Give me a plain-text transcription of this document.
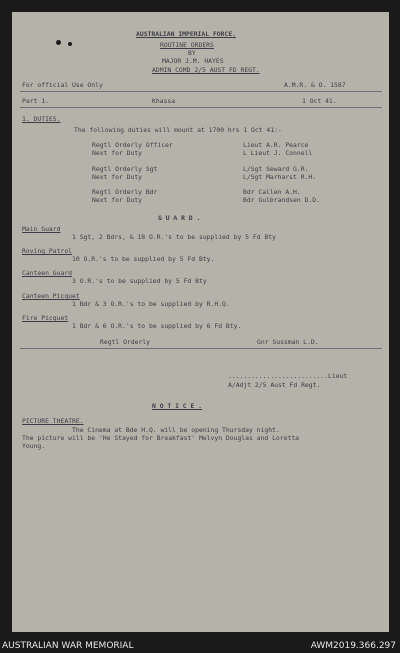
AUSTRALIAN IMPERIAL FORCE.
ROUTINE ORDERS
BY
MAJOR J.M. HAYES
ADMIN COMD 2/5 AUST FD REGT.
For official Use Only	A.M.R. & O. 1587
Part 1.	Khassa	1 Oct 41.
1. DUTIES.
The following duties will mount at 1700 hrs 1 Oct 41:-
Regtl Orderly Officer	Lieut A.R. Pearce
Next for Duty	L Lieut J. Connell
Regtl Orderly Sgt	L/Sgt Seward G.R.
Next for Duty	L/Sgt Marharst R.H.
Regtl Orderly Bdr	Bdr Callen A.H.
Next for Duty	Bdr Gulbrandsen D.D.
G U A R D .
Main Guard
1 Sgt, 2 Bdrs, & 18 O.R.'s to be supplied by 5 Fd Bty
Roving Patrol
10 O.R.'s to be supplied by 5 Fd Bty.
Canteen Guard
3 O.R.'s to be supplied by 5 Fd Bty
Canteen Picquet
1 Bdr & 3 O.R.'s to be supplied by R.H.Q.
Fire Picquet
1 Bdr & 6 O.R.'s to be supplied by 6 Fd Bty.
Regtl Orderly	Gnr Sussman L.D.
..........................Lieut
A/Adjt 2/5 Aust Fd Regt.
N O T I C E .
PICTURE THEATRE.
The Cinema at Bde H.Q. will be opening Thursday night.
The picture will be 'He Stayed for Breakfast' Melvyn Douglas and Loretta
Young.
AUSTRALIAN WAR MEMORIAL	AWM2019.366.297
